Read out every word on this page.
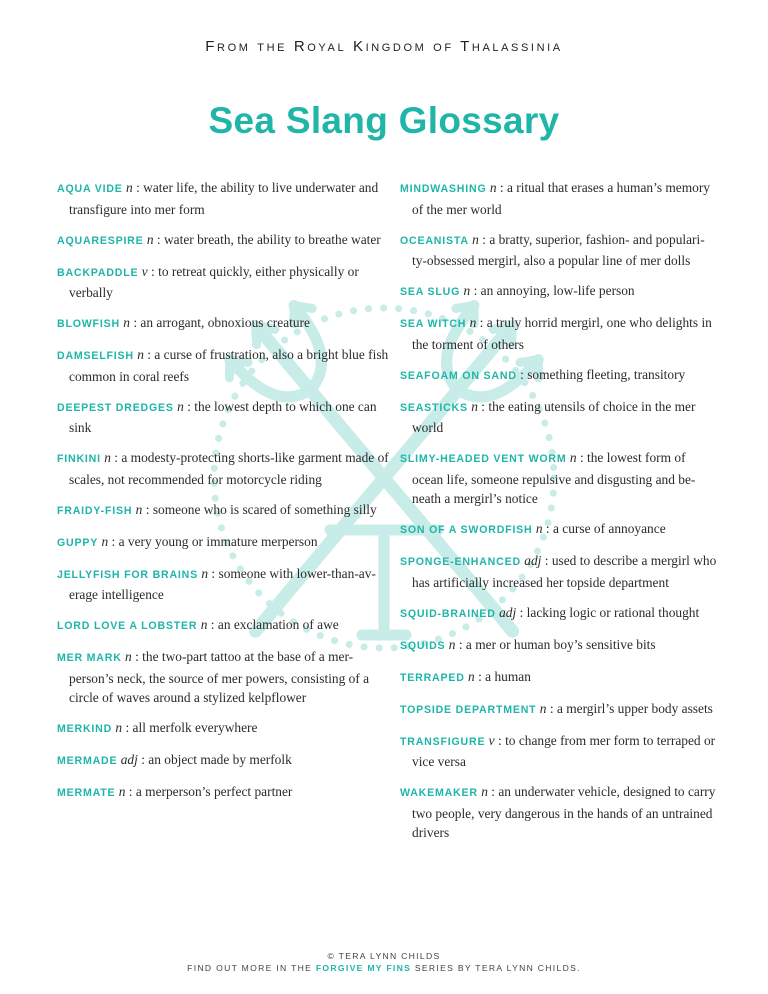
From the Royal Kingdom of Thalassinia
Sea Slang Glossary
AQUA VIDE n : water life, the ability to live underwater and transfigure into mer form
AQUARESPIRE n : water breath, the ability to breathe water
BACKPADDLE v : to retreat quickly, either physically or verbally
BLOWFISH n : an arrogant, obnoxious creature
DAMSELFISH n : a curse of frustration, also a bright blue fish common in coral reefs
DEEPEST DREDGES n : the lowest depth to which one can sink
FINKINI n : a modesty-protecting shorts-like garment made of scales, not recommended for motorcycle riding
FRAIDY-FISH n : someone who is scared of something silly
GUPPY n : a very young or immature merperson
JELLYFISH FOR BRAINS n : someone with lower-than-av-erage intelligence
LORD LOVE A LOBSTER n : an exclamation of awe
MER MARK n : the two-part tattoo at the base of a mer-person’s neck, the source of mer powers, consisting of a circle of waves around a stylized kelpflower
MERKIND n : all merfolk everywhere
MERMADE adj : an object made by merfolk
MERMATE n : a merperson’s perfect partner
MINDWASHING n : a ritual that erases a human’s memory of the mer world
OCEANISTA n : a bratty, superior, fashion- and populari-ty-obsessed mergirl, also a popular line of mer dolls
SEA SLUG n : an annoying, low-life person
SEA WITCH n : a truly horrid mergirl, one who delights in the torment of others
SEAFOAM ON SAND : something fleeting, transitory
SEASTICKS n : the eating utensils of choice in the mer world
SLIMY-HEADED VENT WORM n : the lowest form of ocean life, someone repulsive and disgusting and be-neath a mergirl’s notice
SON OF A SWORDFISH n : a curse of annoyance
SPONGE-ENHANCED adj : used to describe a mergirl who has artificially increased her topside department
SQUID-BRAINED adj : lacking logic or rational thought
SQUIDS n : a mer or human boy’s sensitive bits
TERRAPED n : a human
TOPSIDE DEPARTMENT n : a mergirl’s upper body assets
TRANSFIGURE v : to change from mer form to terraped or vice versa
WAKEMAKER n : an underwater vehicle, designed to carry two people, very dangerous in the hands of an untrained drivers
© TERA LYNN CHILDS
FIND OUT MORE IN THE FORGIVE MY FINS SERIES BY TERA LYNN CHILDS.
